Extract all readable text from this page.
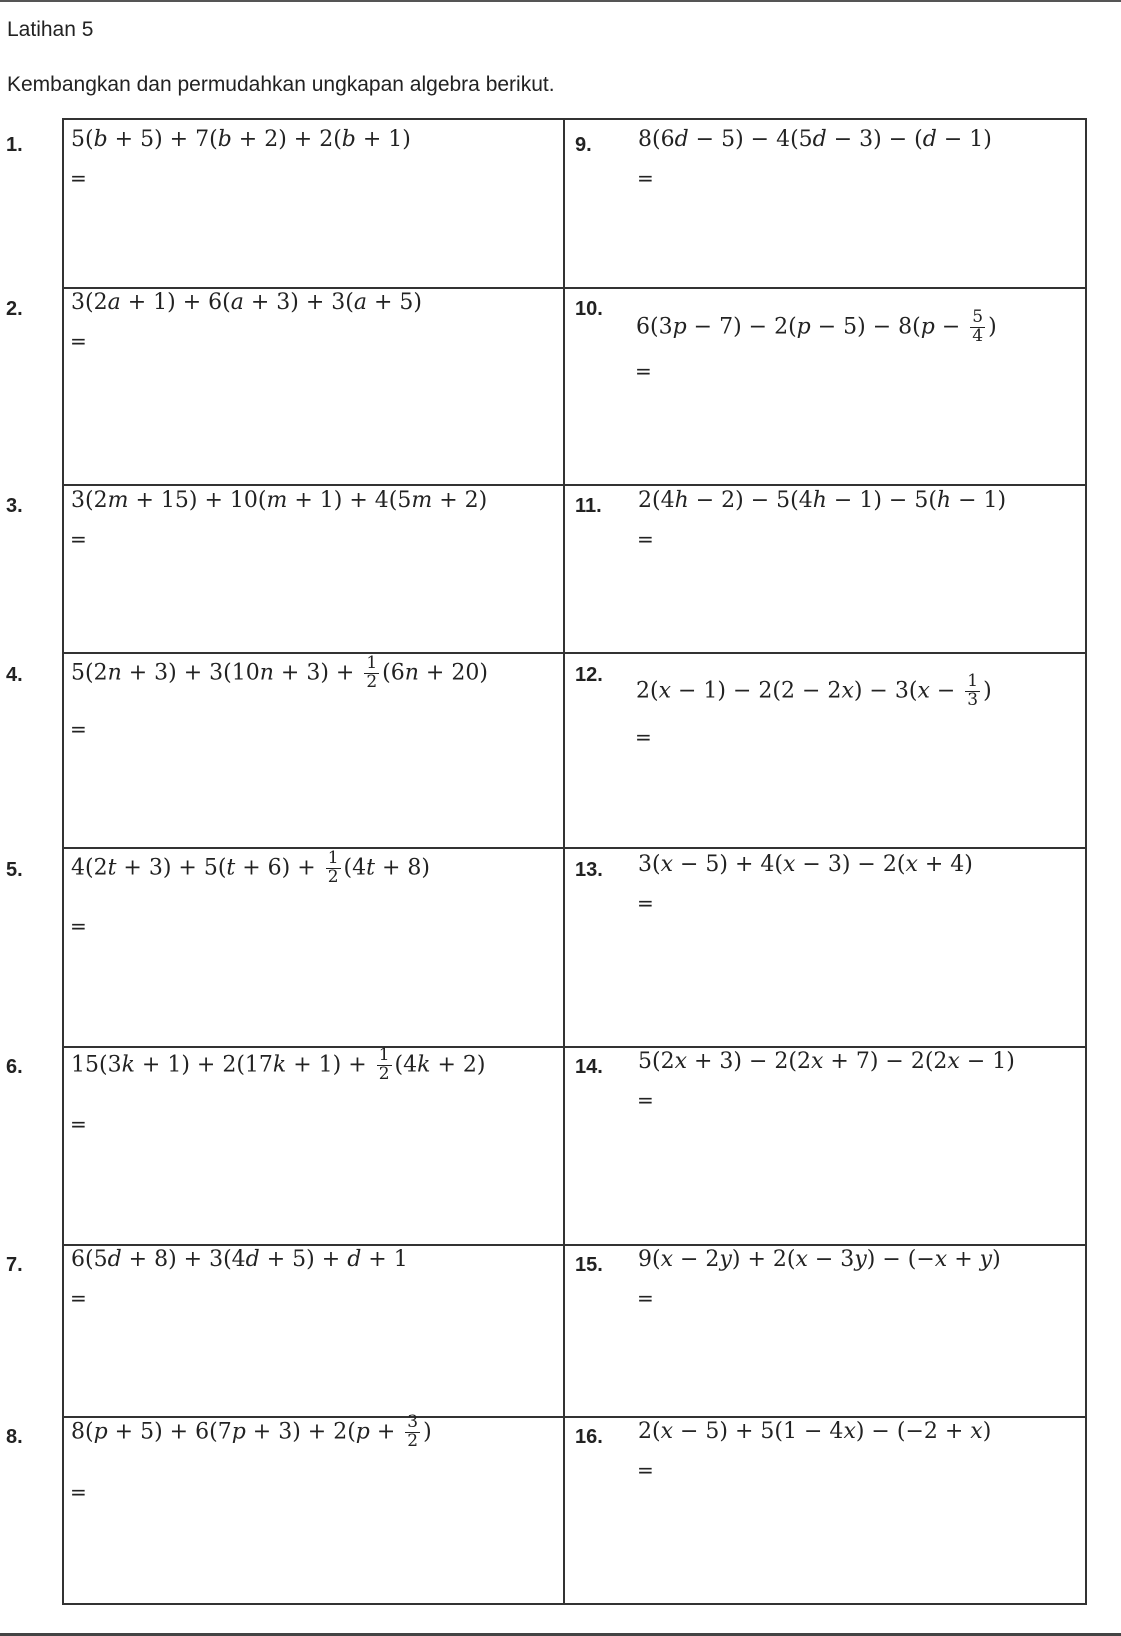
Latihan 5
Kembangkan dan permudahkan ungkapan algebra berikut.
1. 5(b + 5) + 7(b + 2) + 2(b + 1)
=
2. 3(2a + 1) + 6(a + 3) + 3(a + 5)
=
3. 3(2m + 15) + 10(m + 1) + 4(5m + 2)
=
4. $5(2n + 3) + 3(10n + 3) + \frac{1}{2} (6n + 20)$
=
5. $4(2t + 3) + 5(t + 6) + \frac{1}{2} (4t + 8)$
=
6. $15(3k + 1) + 2(17k + 1) + \frac{1}{2} (4k + 2)$
=
7. 6(5d + 8) + 3(4d + 5) + d + 1
=
8. $8(p + 5) + 6(7p + 3) + 2(p + \frac{3}{2}$ )
=
9. 8(6d − 5) − 4(5d − 3) − (d − 1)
=
10.
$6(3p - 7) - 2(p - 5) - 8(p - \frac{5}{4}$ )
=
11. 2(4h − 2) − 5(4h − 1) − 5(h − 1)
=
12.
$2(x - 1) - 2(2 - 2x) - 3(x - \frac{1}{3}$ )
=
13. 3(x − 5) + 4(x − 3) − 2(x + 4)
=
14. 5(2x + 3) − 2(2x + 7) − 2(2x − 1)
=
15. 9(x − 2y) + 2(x − 3y) − (−x + y)
=
16. 2(x − 5) + 5(1 − 4x) − (−2 + x)
=
